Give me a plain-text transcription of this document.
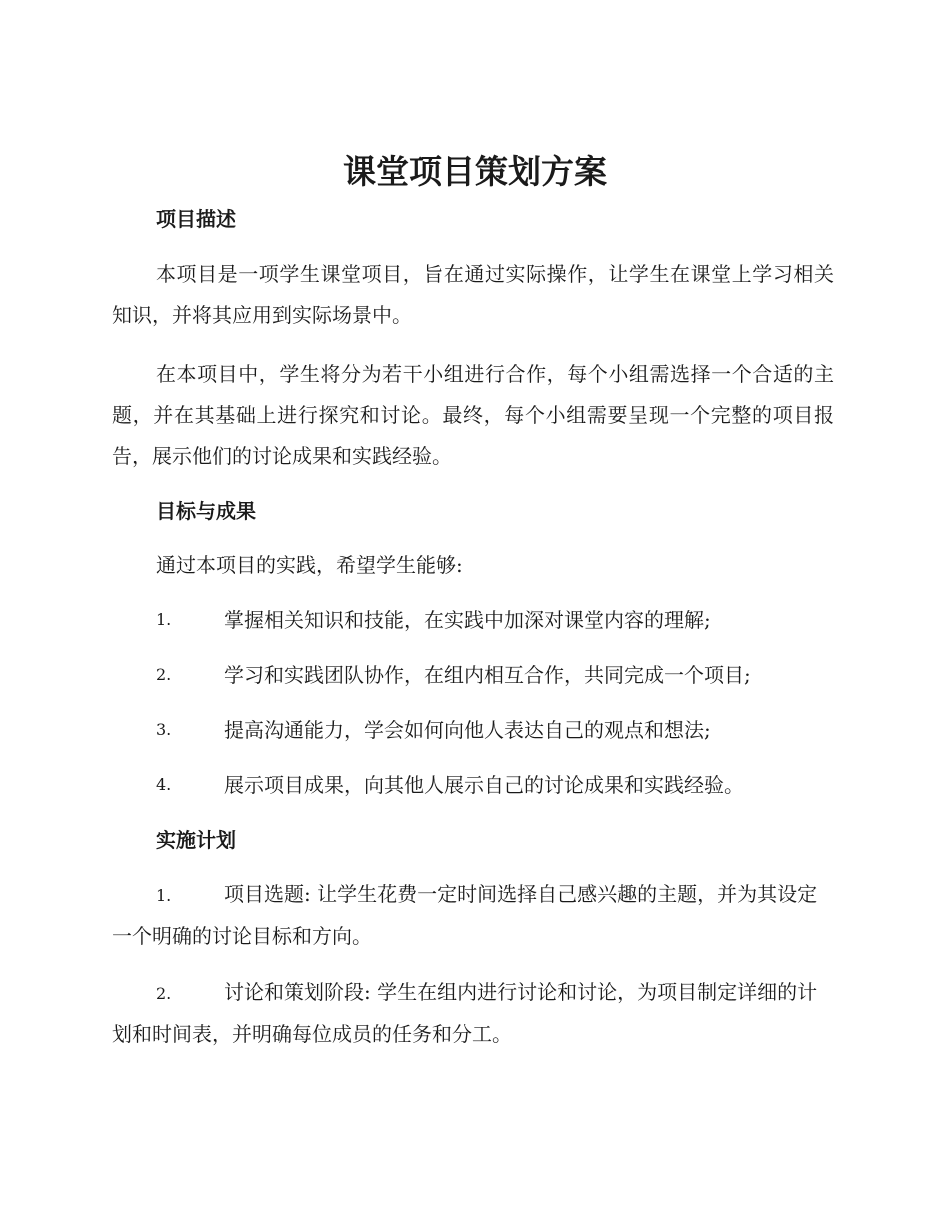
课堂项目策划方案
项目描述

本项目是一项学生课堂项目，旨在通过实际操作，让学生在课堂上学习相关知识，并将其应用到实际场景中。

在本项目中，学生将分为若干小组进行合作，每个小组需选择一个合适的主题，并在其基础上进行探究和讨论。最终，每个小组需要呈现一个完整的项目报告，展示他们的讨论成果和实践经验。

目标与成果

通过本项目的实践，希望学生能够:

1.	掌握相关知识和技能，在实践中加深对课堂内容的理解;
2.	学习和实践团队协作，在组内相互合作，共同完成一个项目;
3.	提高沟通能力，学会如何向他人表达自己的观点和想法;
4.	展示项目成果，向其他人展示自己的讨论成果和实践经验。
实施计划

1.	项目选题: 让学生花费一定时间选择自己感兴趣的主题，并为其设定一个明确的讨论目标和方向。

2.	讨论和策划阶段: 学生在组内进行讨论和讨论，为项目制定详细的计划和时间表，并明确每位成员的任务和分工。
